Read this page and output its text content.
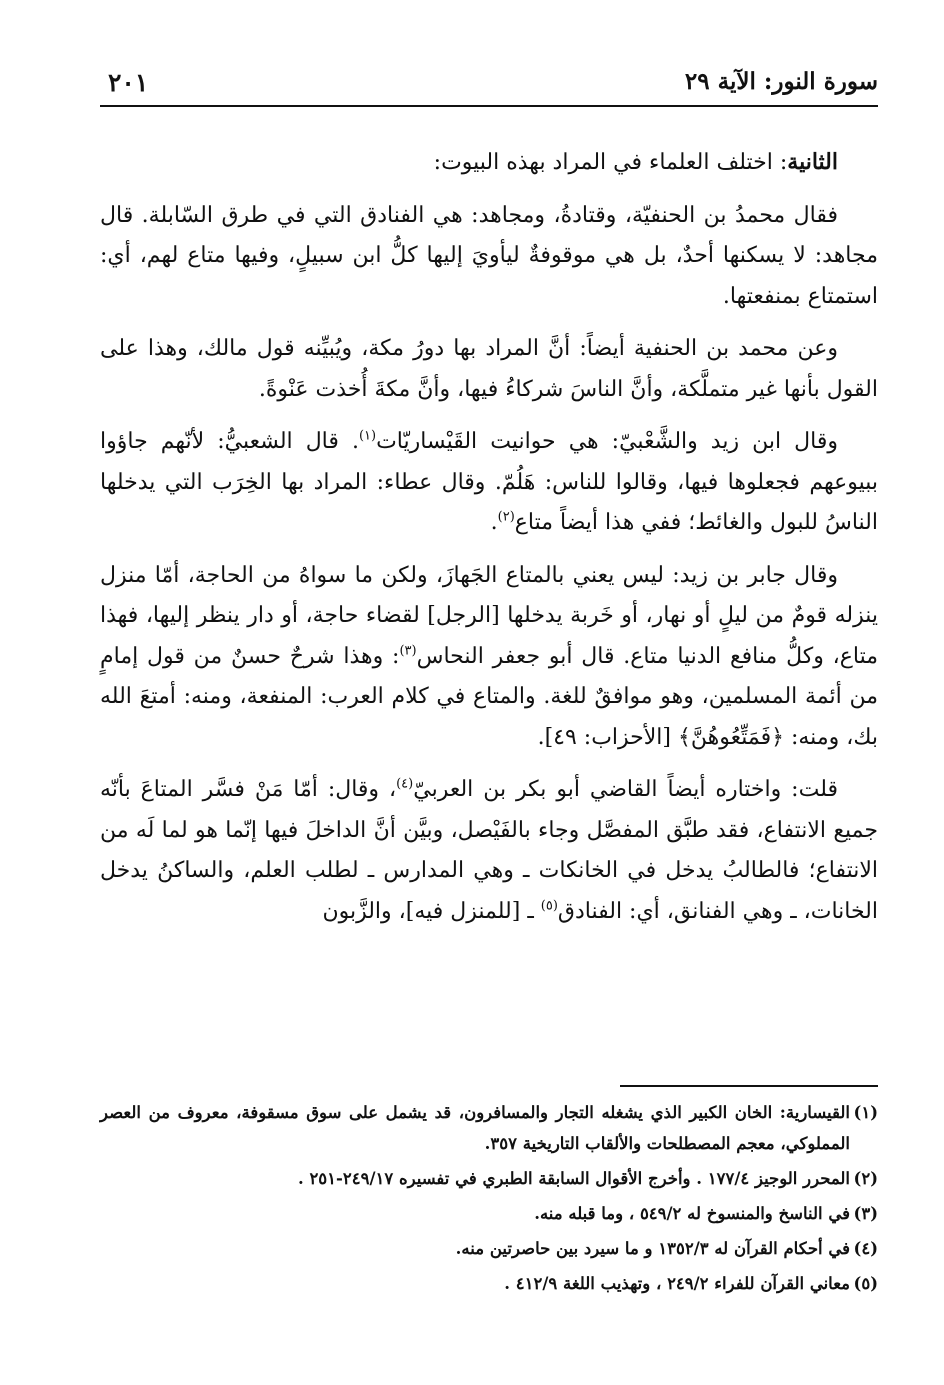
سورة النور: الآية ٢٩
٢٠١

الثانية: اختلف العلماء في المراد بهذه البيوت:

فقال محمدُ بن الحنفيّة، وقتادةُ، ومجاهد: هي الفنادق التي في طرق السّابلة. قال مجاهد: لا يسكنها أحدٌ، بل هي موقوفةٌ ليأويَ إليها كلُّ ابن سبيلٍ، وفيها متاع لهم، أي: استمتاع بمنفعتها.

وعن محمد بن الحنفية أيضاً: أنَّ المراد بها دورُ مكة، ويُبيِّنه قول مالك، وهذا على القول بأنها غير متملَّكة، وأنَّ الناسَ شركاءُ فيها، وأنَّ مكةَ أُخذت عَنْوةً.

وقال ابن زيد والشَّعْبيّ: هي حوانيت القَيْساريّات$^{(١)}$. قال الشعبيُّ: لأنّهم جاؤوا ببيوعهم فجعلوها فيها، وقالوا للناس: هَلُمّ. وقال عطاء: المراد بها الخِرَب التي يدخلها الناسُ للبول والغائط؛ ففي هذا أيضاً متاع$^{(٢)}$.

وقال جابر بن زيد: ليس يعني بالمتاع الجَهازَ، ولكن ما سواهُ من الحاجة، أمّا منزل ينزله قومٌ من ليلٍ أو نهار، أو خَربة يدخلها [الرجل] لقضاء حاجة، أو دار ينظر إليها، فهذا متاع، وكلُّ منافع الدنيا متاع. قال أبو جعفر النحاس$^{(٣)}$: وهذا شرحٌ حسنٌ من قول إمامٍ من أئمة المسلمين، وهو موافقٌ للغة. والمتاع في كلام العرب: المنفعة، ومنه: أمتعَ الله بك، ومنه: ﴿فَمَتِّعُوهُنَّ﴾ [الأحزاب: ٤٩].

قلت: واختاره أيضاً القاضي أبو بكر بن العربيّ$^{(٤)}$، وقال: أمّا مَنْ فسَّر المتاعَ بأنّه جميع الانتفاع، فقد طبَّق المفصَّل وجاء بالفَيْصل، وبيَّن أنَّ الداخلَ فيها إنّما هو لما لَه من الانتفاع؛ فالطالبُ يدخل في الخانكات ـ وهي المدارس ـ لطلب العلم، والساكنُ يدخل الخانات، ـ وهي الفنانق، أي: الفنادق$^{(٥)}$ ـ [للمنزل فيه]، والزَّبون

(١)القيسارية: الخان الكبير الذي يشغله التجار والمسافرون، قد يشمل على سوق مسقوفة، معروف من العصر المملوكي، معجم المصطلحات والألقاب التاريخية ٣٥٧.

(٢)المحرر الوجيز ١٧٧/٤ . وأخرج الأقوال السابقة الطبري في تفسيره ٢٤٩/١٧-٢٥١ .

(٣)في الناسخ والمنسوخ له ٥٤٩/٢ ، وما قبله منه.

(٤)في أحكام القرآن له ١٣٥٢/٣ و ما سيرد بين حاصرتين منه.

(٥)معاني القرآن للفراء ٢٤٩/٢ ، وتهذيب اللغة ٤١٢/٩ .
